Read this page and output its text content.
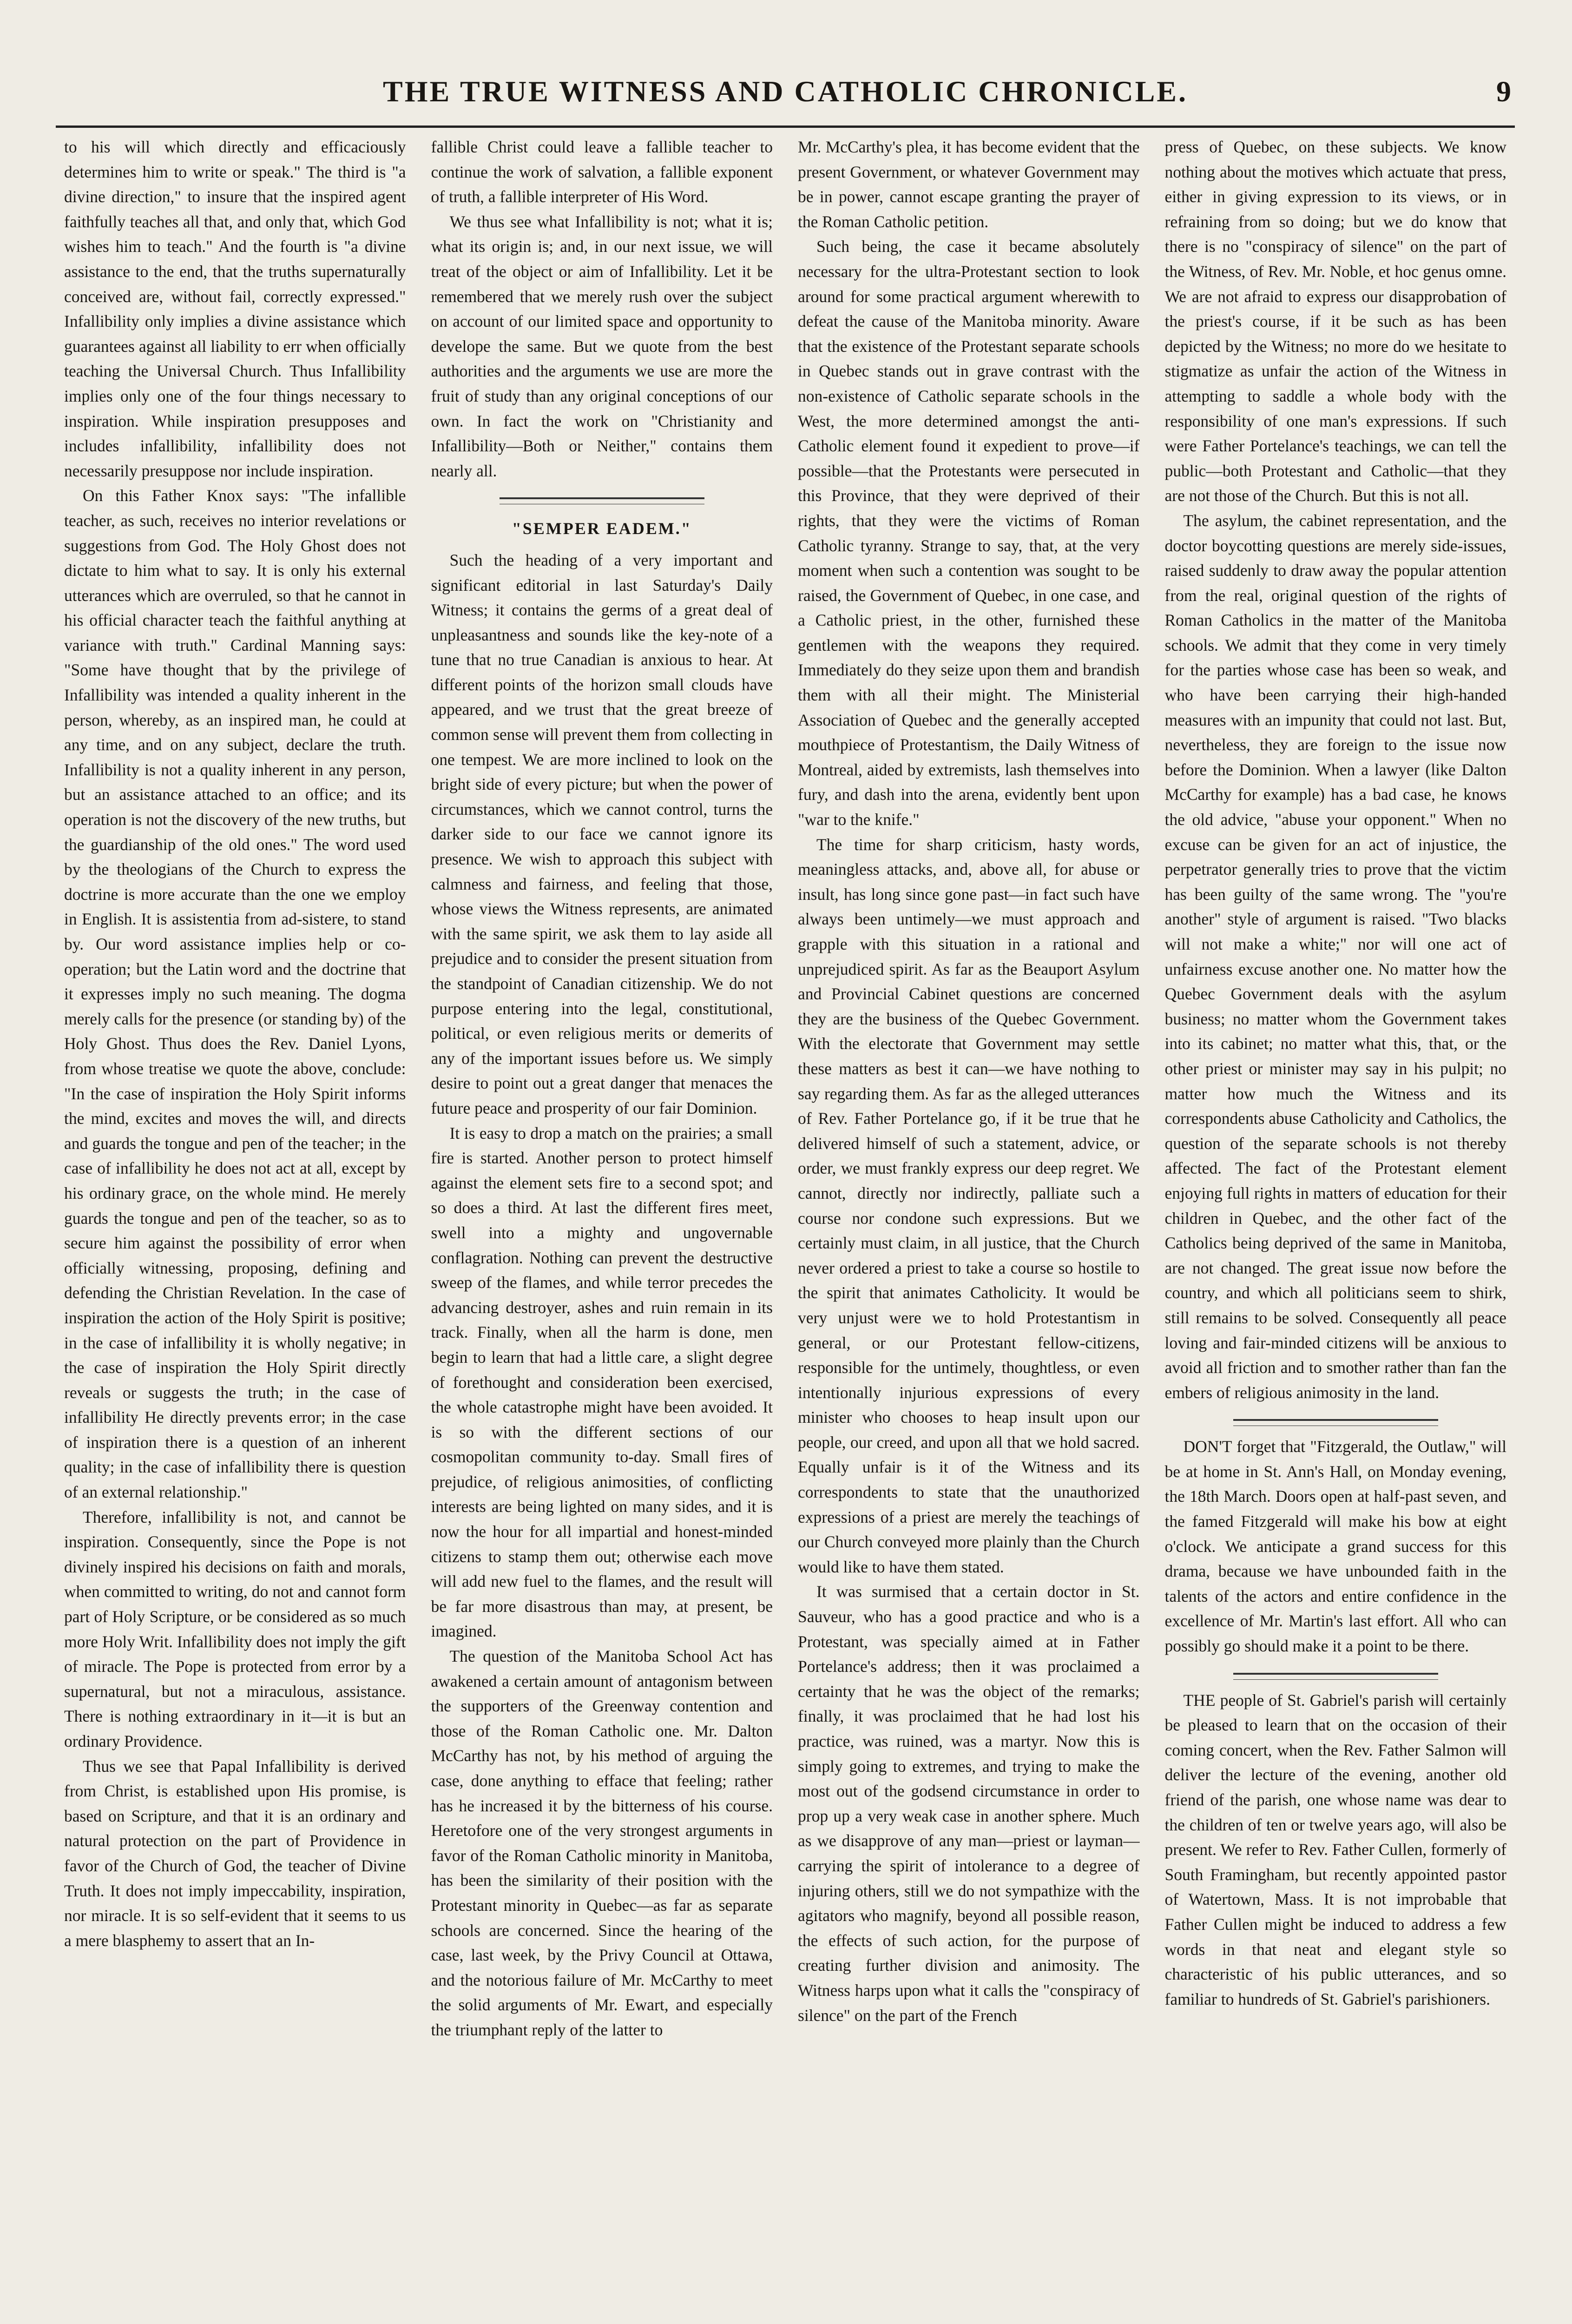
THE TRUE WITNESS AND CATHOLIC CHRONICLE.	9

to his will which directly and efficaciously determines him to write or speak." The third is "a divine direction," to insure that the inspired agent faithfully teaches all that, and only that, which God wishes him to teach." And the fourth is "a divine assistance to the end, that the truths supernaturally conceived are, without fail, correctly expressed." Infallibility only implies a divine assistance which guarantees against all liability to err when officially teaching the Universal Church. Thus Infallibility implies only one of the four things necessary to inspiration. While inspiration presupposes and includes infallibility, infallibility does not necessarily presuppose nor include inspiration.

On this Father Knox says: "The infallible teacher, as such, receives no interior revelations or suggestions from God. The Holy Ghost does not dictate to him what to say. It is only his external utterances which are overruled, so that he cannot in his official character teach the faithful anything at variance with truth." Cardinal Manning says: "Some have thought that by the privilege of Infallibility was intended a quality inherent in the person, whereby, as an inspired man, he could at any time, and on any subject, declare the truth. Infallibility is not a quality inherent in any person, but an assistance attached to an office; and its operation is not the discovery of the new truths, but the guardianship of the old ones." The word used by the theologians of the Church to express the doctrine is more accurate than the one we employ in English. It is assistentia from ad-sistere, to stand by. Our word assistance implies help or co-operation; but the Latin word and the doctrine that it expresses imply no such meaning. The dogma merely calls for the presence (or standing by) of the Holy Ghost. Thus does the Rev. Daniel Lyons, from whose treatise we quote the above, conclude: "In the case of inspiration the Holy Spirit informs the mind, excites and moves the will, and directs and guards the tongue and pen of the teacher; in the case of infallibility he does not act at all, except by his ordinary grace, on the whole mind. He merely guards the tongue and pen of the teacher, so as to secure him against the possibility of error when officially witnessing, proposing, defining and defending the Christian Revelation. In the case of inspiration the action of the Holy Spirit is positive; in the case of infallibility it is wholly negative; in the case of inspiration the Holy Spirit directly reveals or suggests the truth; in the case of infallibility He directly prevents error; in the case of inspiration there is a question of an inherent quality; in the case of infallibility there is question of an external relationship."

Therefore, infallibility is not, and cannot be inspiration. Consequently, since the Pope is not divinely inspired his decisions on faith and morals, when committed to writing, do not and cannot form part of Holy Scripture, or be considered as so much more Holy Writ. Infallibility does not imply the gift of miracle. The Pope is protected from error by a supernatural, but not a miraculous, assistance. There is nothing extraordinary in it—it is but an ordinary Providence.

Thus we see that Papal Infallibility is derived from Christ, is established upon His promise, is based on Scripture, and that it is an ordinary and natural protection on the part of Providence in favor of the Church of God, the teacher of Divine Truth. It does not imply impeccability, inspiration, nor miracle. It is so self-evident that it seems to us a mere blasphemy to assert that an In-

fallible Christ could leave a fallible teacher to continue the work of salvation, a fallible exponent of truth, a fallible interpreter of His Word.

We thus see what Infallibility is not; what it is; what its origin is; and, in our next issue, we will treat of the object or aim of Infallibility. Let it be remembered that we merely rush over the subject on account of our limited space and opportunity to develope the same. But we quote from the best authorities and the arguments we use are more the fruit of study than any original conceptions of our own. In fact the work on "Christianity and Infallibility—Both or Neither," contains them nearly all.

"SEMPER EADEM."

Such the heading of a very important and significant editorial in last Saturday's Daily Witness; it contains the germs of a great deal of unpleasantness and sounds like the key-note of a tune that no true Canadian is anxious to hear. At different points of the horizon small clouds have appeared, and we trust that the great breeze of common sense will prevent them from collecting in one tempest. We are more inclined to look on the bright side of every picture; but when the power of circumstances, which we cannot control, turns the darker side to our face we cannot ignore its presence. We wish to approach this subject with calmness and fairness, and feeling that those, whose views the Witness represents, are animated with the same spirit, we ask them to lay aside all prejudice and to consider the present situation from the standpoint of Canadian citizenship. We do not purpose entering into the legal, constitutional, political, or even religious merits or demerits of any of the important issues before us. We simply desire to point out a great danger that menaces the future peace and prosperity of our fair Dominion.

It is easy to drop a match on the prairies; a small fire is started. Another person to protect himself against the element sets fire to a second spot; and so does a third. At last the different fires meet, swell into a mighty and ungovernable conflagration. Nothing can prevent the destructive sweep of the flames, and while terror precedes the advancing destroyer, ashes and ruin remain in its track. Finally, when all the harm is done, men begin to learn that had a little care, a slight degree of forethought and consideration been exercised, the whole catastrophe might have been avoided. It is so with the different sections of our cosmopolitan community to-day. Small fires of prejudice, of religious animosities, of conflicting interests are being lighted on many sides, and it is now the hour for all impartial and honest-minded citizens to stamp them out; otherwise each move will add new fuel to the flames, and the result will be far more disastrous than may, at present, be imagined.

The question of the Manitoba School Act has awakened a certain amount of antagonism between the supporters of the Greenway contention and those of the Roman Catholic one. Mr. Dalton McCarthy has not, by his method of arguing the case, done anything to efface that feeling; rather has he increased it by the bitterness of his course. Heretofore one of the very strongest arguments in favor of the Roman Catholic minority in Manitoba, has been the similarity of their position with the Protestant minority in Quebec—as far as separate schools are concerned. Since the hearing of the case, last week, by the Privy Council at Ottawa, and the notorious failure of Mr. McCarthy to meet the solid arguments of Mr. Ewart, and especially the triumphant reply of the latter to

Mr. McCarthy's plea, it has become evident that the present Government, or whatever Government may be in power, cannot escape granting the prayer of the Roman Catholic petition.

Such being, the case it became absolutely necessary for the ultra-Protestant section to look around for some practical argument wherewith to defeat the cause of the Manitoba minority. Aware that the existence of the Protestant separate schools in Quebec stands out in grave contrast with the non-existence of Catholic separate schools in the West, the more determined amongst the anti-Catholic element found it expedient to prove—if possible—that the Protestants were persecuted in this Province, that they were deprived of their rights, that they were the victims of Roman Catholic tyranny. Strange to say, that, at the very moment when such a contention was sought to be raised, the Government of Quebec, in one case, and a Catholic priest, in the other, furnished these gentlemen with the weapons they required. Immediately do they seize upon them and brandish them with all their might. The Ministerial Association of Quebec and the generally accepted mouthpiece of Protestantism, the Daily Witness of Montreal, aided by extremists, lash themselves into fury, and dash into the arena, evidently bent upon "war to the knife."

The time for sharp criticism, hasty words, meaningless attacks, and, above all, for abuse or insult, has long since gone past—in fact such have always been untimely—we must approach and grapple with this situation in a rational and unprejudiced spirit. As far as the Beauport Asylum and Provincial Cabinet questions are concerned they are the business of the Quebec Government. With the electorate that Government may settle these matters as best it can—we have nothing to say regarding them. As far as the alleged utterances of Rev. Father Portelance go, if it be true that he delivered himself of such a statement, advice, or order, we must frankly express our deep regret. We cannot, directly nor indirectly, palliate such a course nor condone such expressions. But we certainly must claim, in all justice, that the Church never ordered a priest to take a course so hostile to the spirit that animates Catholicity. It would be very unjust were we to hold Protestantism in general, or our Protestant fellow-citizens, responsible for the untimely, thoughtless, or even intentionally injurious expressions of every minister who chooses to heap insult upon our people, our creed, and upon all that we hold sacred. Equally unfair is it of the Witness and its correspondents to state that the unauthorized expressions of a priest are merely the teachings of our Church conveyed more plainly than the Church would like to have them stated.

It was surmised that a certain doctor in St. Sauveur, who has a good practice and who is a Protestant, was specially aimed at in Father Portelance's address; then it was proclaimed a certainty that he was the object of the remarks; finally, it was proclaimed that he had lost his practice, was ruined, was a martyr. Now this is simply going to extremes, and trying to make the most out of the godsend circumstance in order to prop up a very weak case in another sphere. Much as we disapprove of any man—priest or layman—carrying the spirit of intolerance to a degree of injuring others, still we do not sympathize with the agitators who magnify, beyond all possible reason, the effects of such action, for the purpose of creating further division and animosity. The Witness harps upon what it calls the "conspiracy of silence" on the part of the French

press of Quebec, on these subjects. We know nothing about the motives which actuate that press, either in giving expression to its views, or in refraining from so doing; but we do know that there is no "conspiracy of silence" on the part of the Witness, of Rev. Mr. Noble, et hoc genus omne. We are not afraid to express our disapprobation of the priest's course, if it be such as has been depicted by the Witness; no more do we hesitate to stigmatize as unfair the action of the Witness in attempting to saddle a whole body with the responsibility of one man's expressions. If such were Father Portelance's teachings, we can tell the public—both Protestant and Catholic—that they are not those of the Church. But this is not all.

The asylum, the cabinet representation, and the doctor boycotting questions are merely side-issues, raised suddenly to draw away the popular attention from the real, original question of the rights of Roman Catholics in the matter of the Manitoba schools. We admit that they come in very timely for the parties whose case has been so weak, and who have been carrying their high-handed measures with an impunity that could not last. But, nevertheless, they are foreign to the issue now before the Dominion. When a lawyer (like Dalton McCarthy for example) has a bad case, he knows the old advice, "abuse your opponent." When no excuse can be given for an act of injustice, the perpetrator generally tries to prove that the victim has been guilty of the same wrong. The "you're another" style of argument is raised. "Two blacks will not make a white;" nor will one act of unfairness excuse another one. No matter how the Quebec Government deals with the asylum business; no matter whom the Government takes into its cabinet; no matter what this, that, or the other priest or minister may say in his pulpit; no matter how much the Witness and its correspondents abuse Catholicity and Catholics, the question of the separate schools is not thereby affected. The fact of the Protestant element enjoying full rights in matters of education for their children in Quebec, and the other fact of the Catholics being deprived of the same in Manitoba, are not changed. The great issue now before the country, and which all politicians seem to shirk, still remains to be solved. Consequently all peace loving and fair-minded citizens will be anxious to avoid all friction and to smother rather than fan the embers of religious animosity in the land.

DON'T forget that "Fitzgerald, the Outlaw," will be at home in St. Ann's Hall, on Monday evening, the 18th March. Doors open at half-past seven, and the famed Fitzgerald will make his bow at eight o'clock. We anticipate a grand success for this drama, because we have unbounded faith in the talents of the actors and entire confidence in the excellence of Mr. Martin's last effort. All who can possibly go should make it a point to be there.

THE people of St. Gabriel's parish will certainly be pleased to learn that on the occasion of their coming concert, when the Rev. Father Salmon will deliver the lecture of the evening, another old friend of the parish, one whose name was dear to the children of ten or twelve years ago, will also be present. We refer to Rev. Father Cullen, formerly of South Framingham, but recently appointed pastor of Watertown, Mass. It is not improbable that Father Cullen might be induced to address a few words in that neat and elegant style so characteristic of his public utterances, and so familiar to hundreds of St. Gabriel's parishioners.
